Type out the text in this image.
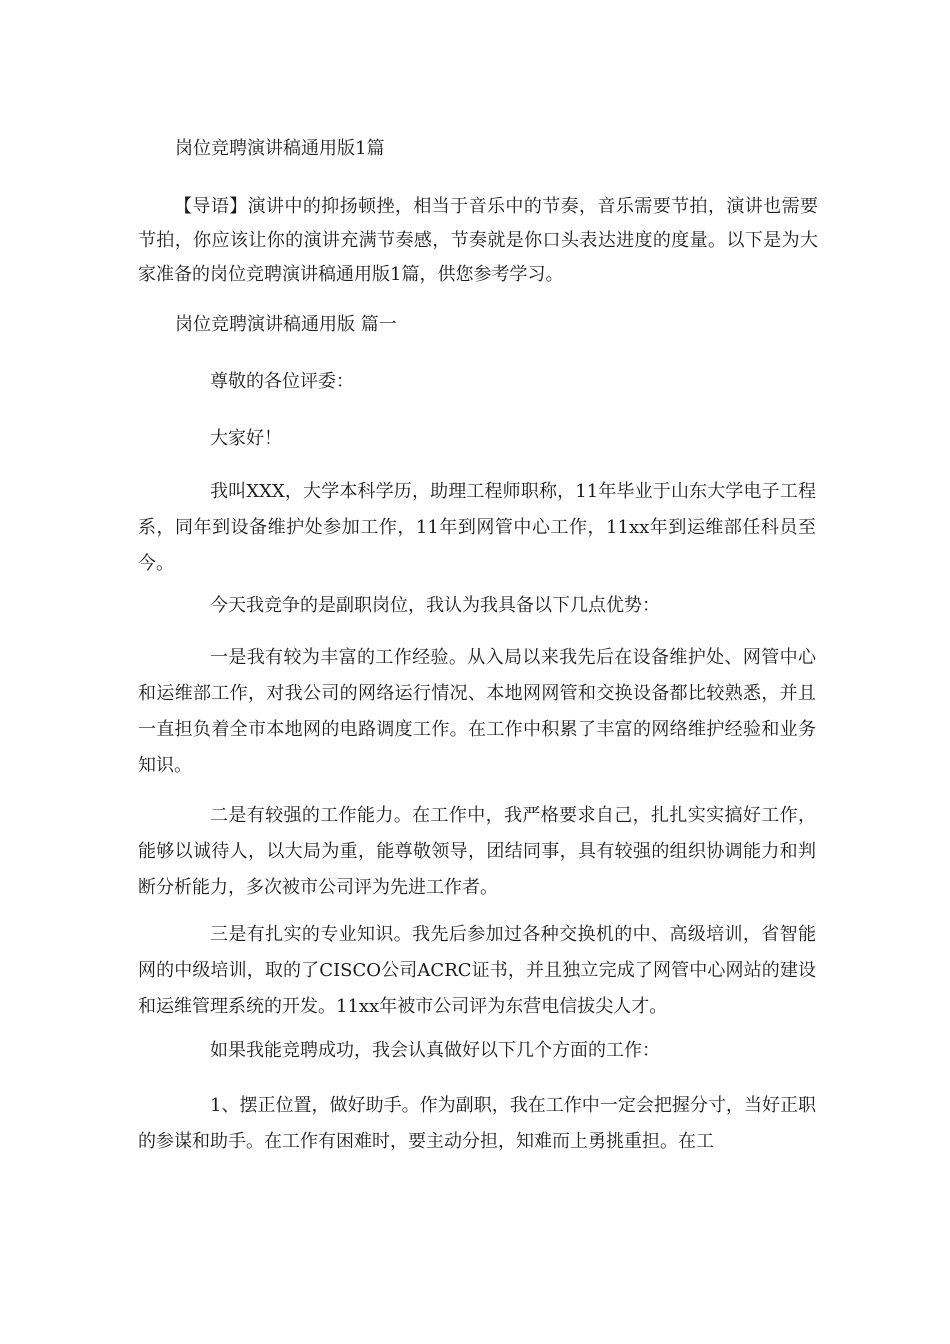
岗位竞聘演讲稿通用版1篇
【导语】演讲中的抑扬顿挫，相当于音乐中的节奏，音乐需要节拍，演讲也需要节拍，你应该让你的演讲充满节奏感，节奏就是你口头表达进度的度量。以下是为大家准备的岗位竞聘演讲稿通用版1篇，供您参考学习。
岗位竞聘演讲稿通用版 篇一
尊敬的各位评委：
大家好！
我叫XXX，大学本科学历，助理工程师职称，11年毕业于山东大学电子工程系，同年到设备维护处参加工作，11年到网管中心工作，11xx年到运维部任科员至今。
今天我竞争的是副职岗位，我认为我具备以下几点优势：
一是我有较为丰富的工作经验。从入局以来我先后在设备维护处、网管中心和运维部工作，对我公司的网络运行情况、本地网网管和交换设备都比较熟悉，并且一直担负着全市本地网的电路调度工作。在工作中积累了丰富的网络维护经验和业务知识。
二是有较强的工作能力。在工作中，我严格要求自己，扎扎实实搞好工作，能够以诚待人，以大局为重，能尊敬领导，团结同事，具有较强的组织协调能力和判断分析能力，多次被市公司评为先进工作者。
三是有扎实的专业知识。我先后参加过各种交换机的中、高级培训，省智能网的中级培训，取的了CISCO公司ACRC证书，并且独立完成了网管中心网站的建设和运维管理系统的开发。11xx年被市公司评为东营电信拔尖人才。
如果我能竞聘成功，我会认真做好以下几个方面的工作：
1、摆正位置，做好助手。作为副职，我在工作中一定会把握分寸，当好正职的参谋和助手。在工作有困难时，要主动分担，知难而上勇挑重担。在工
